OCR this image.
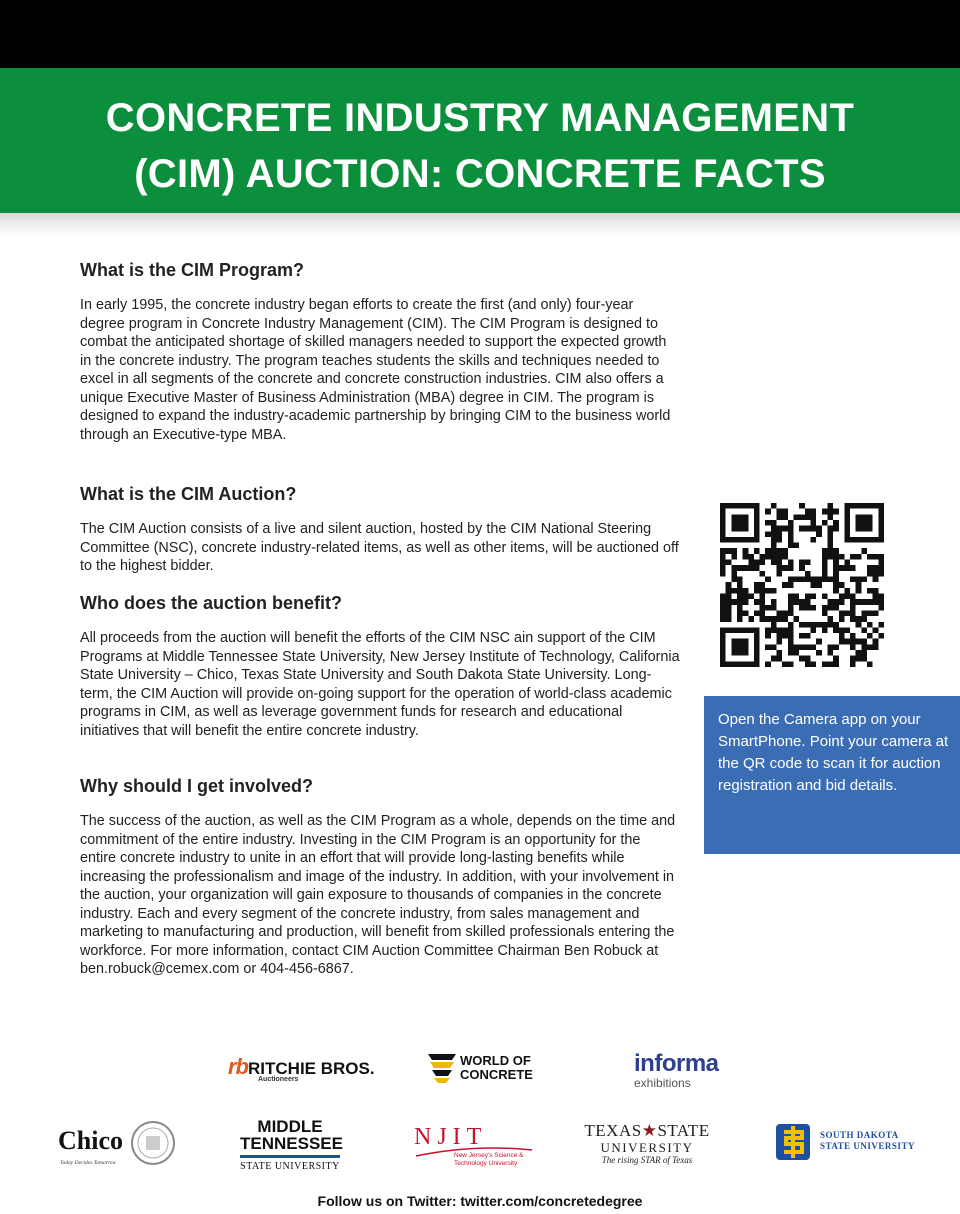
CONCRETE INDUSTRY MANAGEMENT
(CIM) AUCTION: CONCRETE FACTS
What is the CIM Program?

In early 1995, the concrete industry began efforts to create the first (and only) four-year degree program in Concrete Industry Management (CIM). The CIM Program is designed to combat the anticipated shortage of skilled managers needed to support the expected growth in the concrete industry. The program teaches students the skills and techniques needed to excel in all segments of the concrete and concrete construction industries. CIM also offers a unique Executive Master of Business Administration (MBA) degree in CIM. The program is designed to expand the industry-academic partnership by bringing CIM to the business world through an Executive-type MBA.

What is the CIM Auction?

The CIM Auction consists of a live and silent auction, hosted by the CIM National Steering Committee (NSC), concrete industry-related items, as well as other items, will be auctioned off to the highest bidder.

Who does the auction benefit?

All proceeds from the auction will benefit the efforts of the CIM NSC ain support of the CIM Programs at Middle Tennessee State University, New Jersey Institute of Technology, California State University – Chico, Texas State University and South Dakota State University. Long-term, the CIM Auction will provide on-going support for the operation of world-class academic programs in CIM, as well as leverage government funds for research and educational initiatives that will benefit the entire concrete industry.

Why should I get involved?

The success of the auction, as well as the CIM Program as a whole, depends on the time and commitment of the entire industry. Investing in the CIM Program is an opportunity for the entire concrete industry to unite in an effort that will provide long-lasting benefits while increasing the professionalism and image of the industry. In addition, with your involvement in the auction, your organization will gain exposure to thousands of companies in the concrete industry. Each and every segment of the concrete industry, from sales management and marketing to manufacturing and production, will benefit from skilled professionals entering the workforce. For more information, contact CIM Auction Committee Chairman Ben Robuck at ben.robuck@cemex.com or 404-456-6867.

Open the Camera app on your SmartPhone. Point your camera at the QR code to scan it for auction registration and bid details.
rbRITCHIE BROS.
Auctioneers
WORLD OF
CONCRETE	informa
exhibitions
Chico
Today Decides Tomorrow
MIDDLE
TENNESSEE
STATE UNIVERSITY
NJIT
New Jersey's Science &
Technology University
TEXAS★STATE
UNIVERSITY
The rising STAR of Texas
SOUTH DAKOTA
STATE UNIVERSITY
Follow us on Twitter: twitter.com/concretedegree
